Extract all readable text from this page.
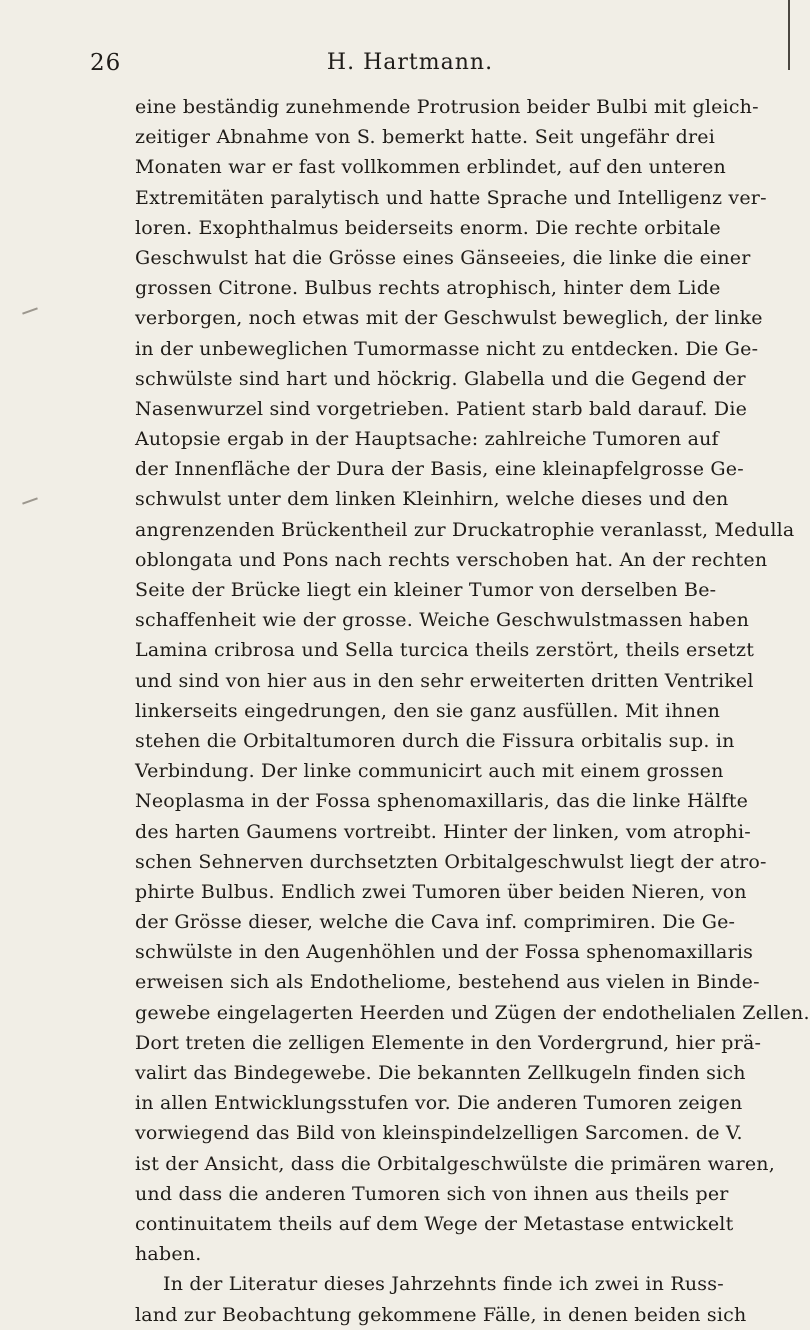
26	H. Hartmann.
eine beständig zunehmende Protrusion beider Bulbi mit gleich-
zeitiger Abnahme von S. bemerkt hatte. Seit ungefähr drei
Monaten war er fast vollkommen erblindet, auf den unteren
Extremitäten paralytisch und hatte Sprache und Intelligenz ver-
loren. Exophthalmus beiderseits enorm. Die rechte orbitale
Geschwulst hat die Grösse eines Gänseeies, die linke die einer
grossen Citrone. Bulbus rechts atrophisch, hinter dem Lide
verborgen, noch etwas mit der Geschwulst beweglich, der linke
in der unbeweglichen Tumormasse nicht zu entdecken. Die Ge-
schwülste sind hart und höckrig. Glabella und die Gegend der
Nasenwurzel sind vorgetrieben. Patient starb bald darauf. Die
Autopsie ergab in der Hauptsache: zahlreiche Tumoren auf
der Innenfläche der Dura der Basis, eine kleinapfelgrosse Ge-
schwulst unter dem linken Kleinhirn, welche dieses und den
angrenzenden Brückentheil zur Druckatrophie veranlasst, Medulla
oblongata und Pons nach rechts verschoben hat. An der rechten
Seite der Brücke liegt ein kleiner Tumor von derselben Be-
schaffenheit wie der grosse. Weiche Geschwulstmassen haben
Lamina cribrosa und Sella turcica theils zerstört, theils ersetzt
und sind von hier aus in den sehr erweiterten dritten Ventrikel
linkerseits eingedrungen, den sie ganz ausfüllen. Mit ihnen
stehen die Orbitaltumoren durch die Fissura orbitalis sup. in
Verbindung. Der linke communicirt auch mit einem grossen
Neoplasma in der Fossa sphenomaxillaris, das die linke Hälfte
des harten Gaumens vortreibt. Hinter der linken, vom atrophi-
schen Sehnerven durchsetzten Orbitalgeschwulst liegt der atro-
phirte Bulbus. Endlich zwei Tumoren über beiden Nieren, von
der Grösse dieser, welche die Cava inf. comprimiren. Die Ge-
schwülste in den Augenhöhlen und der Fossa sphenomaxillaris
erweisen sich als Endotheliome, bestehend aus vielen in Binde-
gewebe eingelagerten Heerden und Zügen der endothelialen Zellen.
Dort treten die zelligen Elemente in den Vordergrund, hier prä-
valirt das Bindegewebe. Die bekannten Zellkugeln finden sich
in allen Entwicklungsstufen vor. Die anderen Tumoren zeigen
vorwiegend das Bild von kleinspindelzelligen Sarcomen. de V.
ist der Ansicht, dass die Orbitalgeschwülste die primären waren,
und dass die anderen Tumoren sich von ihnen aus theils per
continuitatem theils auf dem Wege der Metastase entwickelt
haben.
In der Literatur dieses Jahrzehnts finde ich zwei in Russ-
land zur Beobachtung gekommene Fälle, in denen beiden sich
